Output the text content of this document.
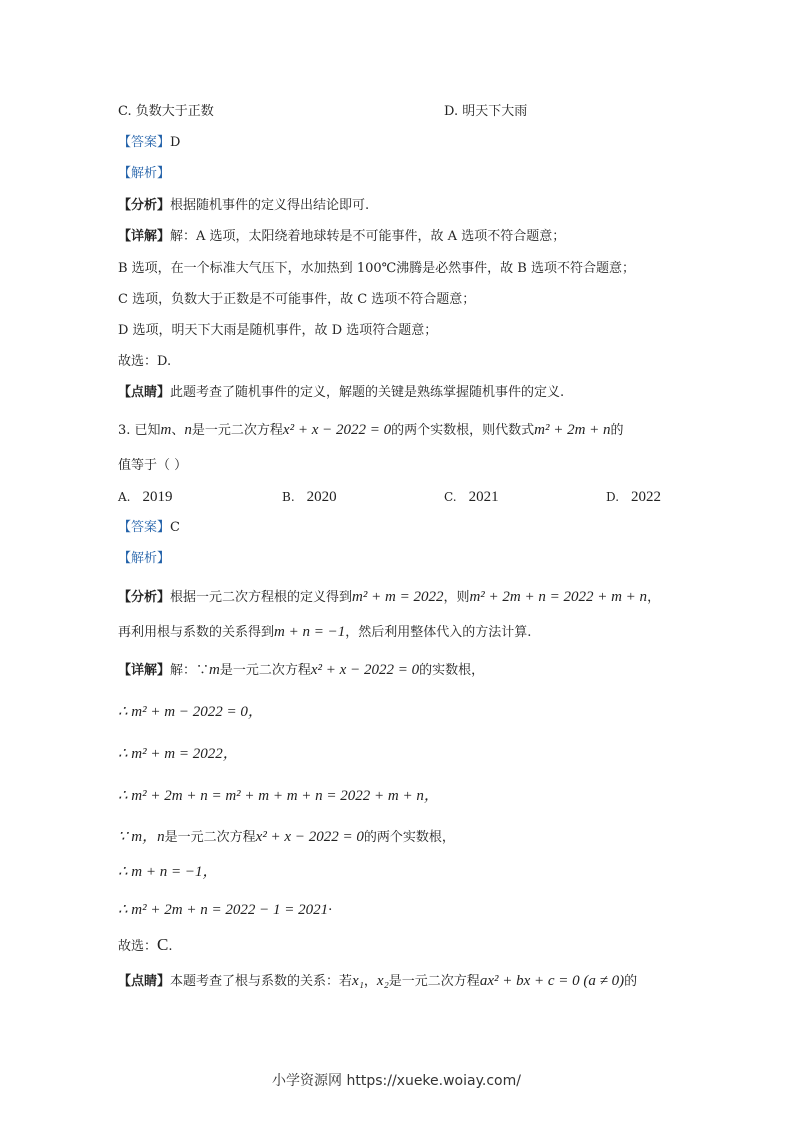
C. 负数大于正数	D. 明天下大雨
【答案】D
【解析】
【分析】根据随机事件的定义得出结论即可.
【详解】解：A 选项，太阳绕着地球转是不可能事件，故 A 选项不符合题意；
B 选项，在一个标准大气压下，水加热到 100℃沸腾是必然事件，故 B 选项不符合题意；
C 选项，负数大于正数是不可能事件，故 C 选项不符合题意；
D 选项，明天下大雨是随机事件，故 D 选项符合题意；
故选：D.
【点睛】此题考查了随机事件的定义，解题的关键是熟练掌握随机事件的定义.
3. 已知m、n是一元二次方程x² + x − 2022 = 0的两个实数根，则代数式m² + 2m + n的
值等于（ ）
A. 2019	B. 2020	C. 2021	D. 2022
【答案】C
【解析】
【分析】根据一元二次方程根的定义得到m² + m = 2022，则m² + 2m + n = 2022 + m + n，
再利用根与系数的关系得到m + n = −1，然后利用整体代入的方法计算.
【详解】解：∵m是一元二次方程x² + x − 2022 = 0的实数根，
∴ m² + m − 2022 = 0，
∴ m² + m = 2022，
∴ m² + 2m + n = m² + m + m + n = 2022 + m + n，
∵ m，n是一元二次方程x² + x − 2022 = 0的两个实数根，
∴ m + n = −1，
∴ m² + 2m + n = 2022 − 1 = 2021·
故选：C.
【点睛】本题考查了根与系数的关系：若x₁，x₂是一元二次方程ax² + bx + c = 0 (a ≠ 0)的
小学资源网 https://xueke.woiay.com/
